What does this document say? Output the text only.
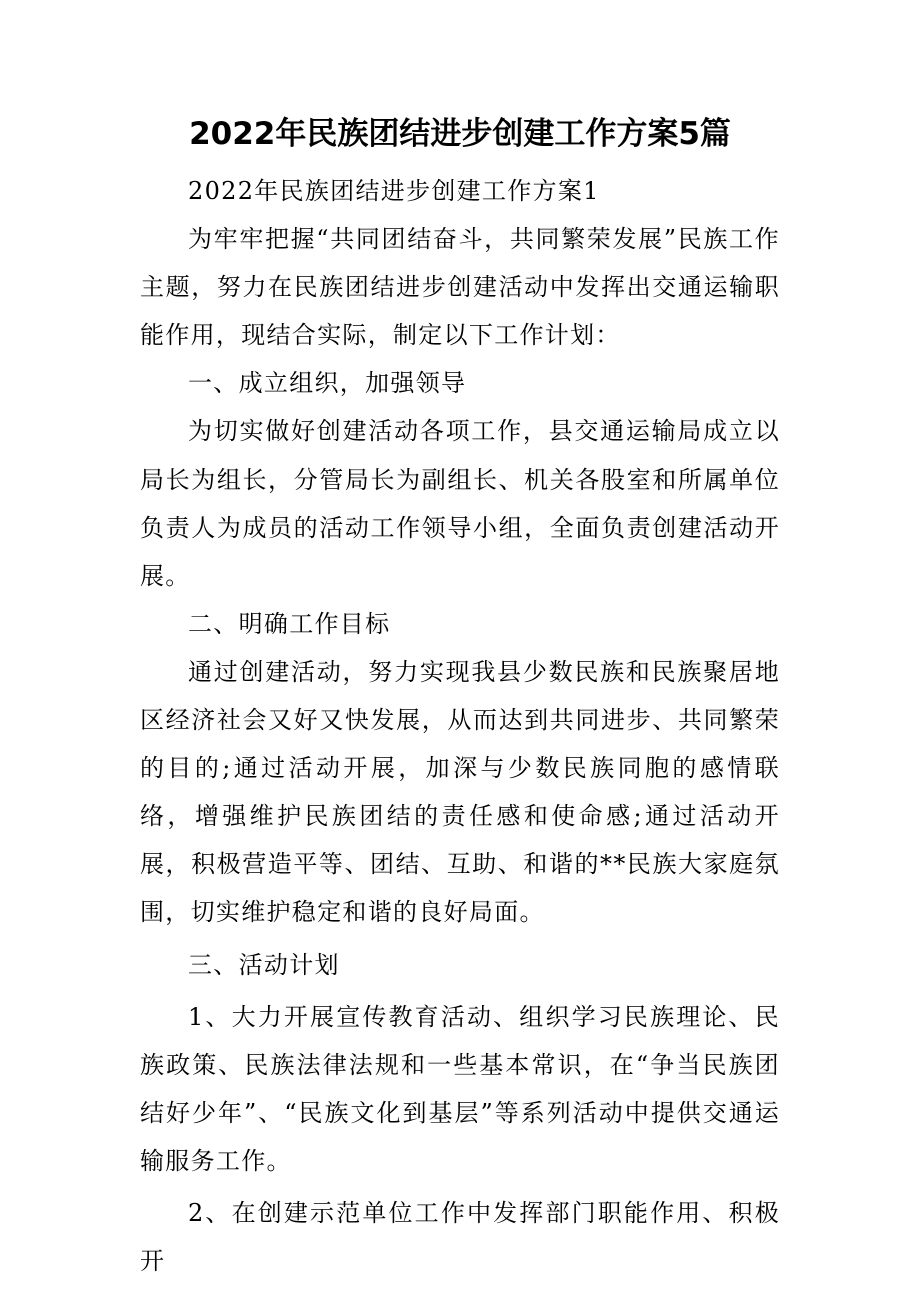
2022年民族团结进步创建工作方案5篇

2022年民族团结进步创建工作方案1

为牢牢把握“共同团结奋斗，共同繁荣发展”民族工作主题，努力在民族团结进步创建活动中发挥出交通运输职能作用，现结合实际，制定以下工作计划：

一、成立组织，加强领导

为切实做好创建活动各项工作，县交通运输局成立以局长为组长，分管局长为副组长、机关各股室和所属单位负责人为成员的活动工作领导小组，全面负责创建活动开展。

二、明确工作目标

通过创建活动，努力实现我县少数民族和民族聚居地区经济社会又好又快发展，从而达到共同进步、共同繁荣的目的;通过活动开展，加深与少数民族同胞的感情联络，增强维护民族团结的责任感和使命感;通过活动开展，积极营造平等、团结、互助、和谐的**民族大家庭氛围，切实维护稳定和谐的良好局面。

三、活动计划

1、大力开展宣传教育活动、组织学习民族理论、民族政策、民族法律法规和一些基本常识，在“争当民族团结好少年”、“民族文化到基层”等系列活动中提供交通运输服务工作。

2、在创建示范单位工作中发挥部门职能作用、积极开
